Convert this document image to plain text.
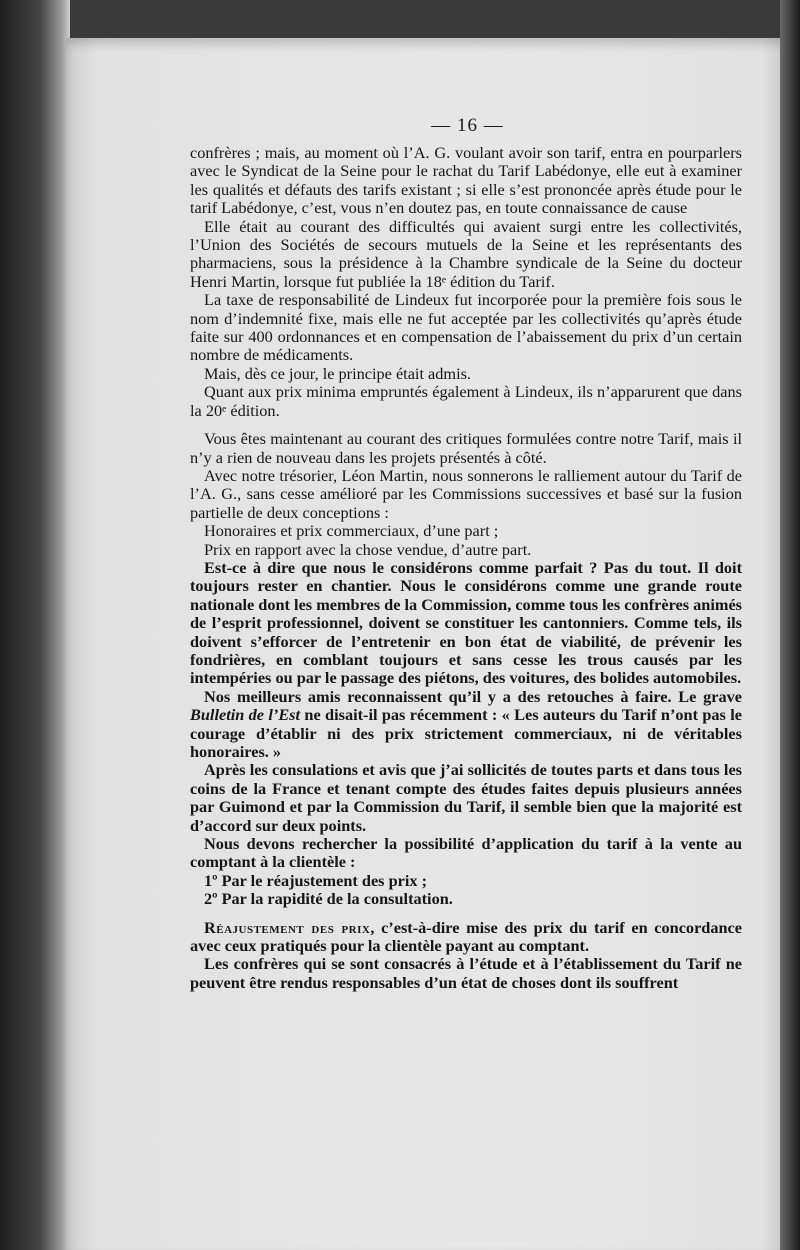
— 16 —

confrères ; mais, au moment où l’A. G. voulant avoir son tarif, entra en pourparlers avec le Syndicat de la Seine pour le rachat du Tarif Labédonye, elle eut à examiner les qualités et défauts des tarifs existant ; si elle s’est prononcée après étude pour le tarif Labédonye, c’est, vous n’en doutez pas, en toute connaissance de cause

Elle était au courant des difficultés qui avaient surgi entre les collectivités, l’Union des Sociétés de secours mutuels de la Seine et les représentants des pharmaciens, sous la présidence à la Chambre syndicale de la Seine du docteur Henri Martin, lorsque fut publiée la 18ᵉ édition du Tarif.

La taxe de responsabilité de Lindeux fut incorporée pour la première fois sous le nom d’indemnité fixe, mais elle ne fut acceptée par les collectivités qu’après étude faite sur 400 ordonnances et en compensation de l’abaissement du prix d’un certain nombre de médicaments.

Mais, dès ce jour, le principe était admis.

Quant aux prix minima empruntés également à Lindeux, ils n’apparurent que dans la 20ᵉ édition.

Vous êtes maintenant au courant des critiques formulées contre notre Tarif, mais il n’y a rien de nouveau dans les projets présentés à côté.

Avec notre trésorier, Léon Martin, nous sonnerons le ralliement autour du Tarif de l’A. G., sans cesse amélioré par les Commissions successives et basé sur la fusion partielle de deux conceptions :

Honoraires et prix commerciaux, d’une part ;

Prix en rapport avec la chose vendue, d’autre part.

Est-ce à dire que nous le considérons comme parfait ? Pas du tout. Il doit toujours rester en chantier. Nous le considérons comme une grande route nationale dont les membres de la Commission, comme tous les confrères animés de l’esprit professionnel, doivent se constituer les cantonniers. Comme tels, ils doivent s’efforcer de l’entretenir en bon état de viabilité, de prévenir les fondrières, en comblant toujours et sans cesse les trous causés par les intempéries ou par le passage des piétons, des voitures, des bolides automobiles.

Nos meilleurs amis reconnaissent qu’il y a des retouches à faire. Le grave Bulletin de l’Est ne disait-il pas récemment : « Les auteurs du Tarif n’ont pas le courage d’établir ni des prix strictement commerciaux, ni de véritables honoraires. »

Après les consulations et avis que j’ai sollicités de toutes parts et dans tous les coins de la France et tenant compte des études faites depuis plusieurs années par Guimond et par la Commission du Tarif, il semble bien que la majorité est d’accord sur deux points.

Nous devons rechercher la possibilité d’application du tarif à la vente au comptant à la clientèle :

1º Par le réajustement des prix ;

2º Par la rapidité de la consultation.

Réajustement des prix, c’est-à-dire mise des prix du tarif en concordance avec ceux pratiqués pour la clientèle payant au comptant.

Les confrères qui se sont consacrés à l’étude et à l’établissement du Tarif ne peuvent être rendus responsables d’un état de choses dont ils souffrent
